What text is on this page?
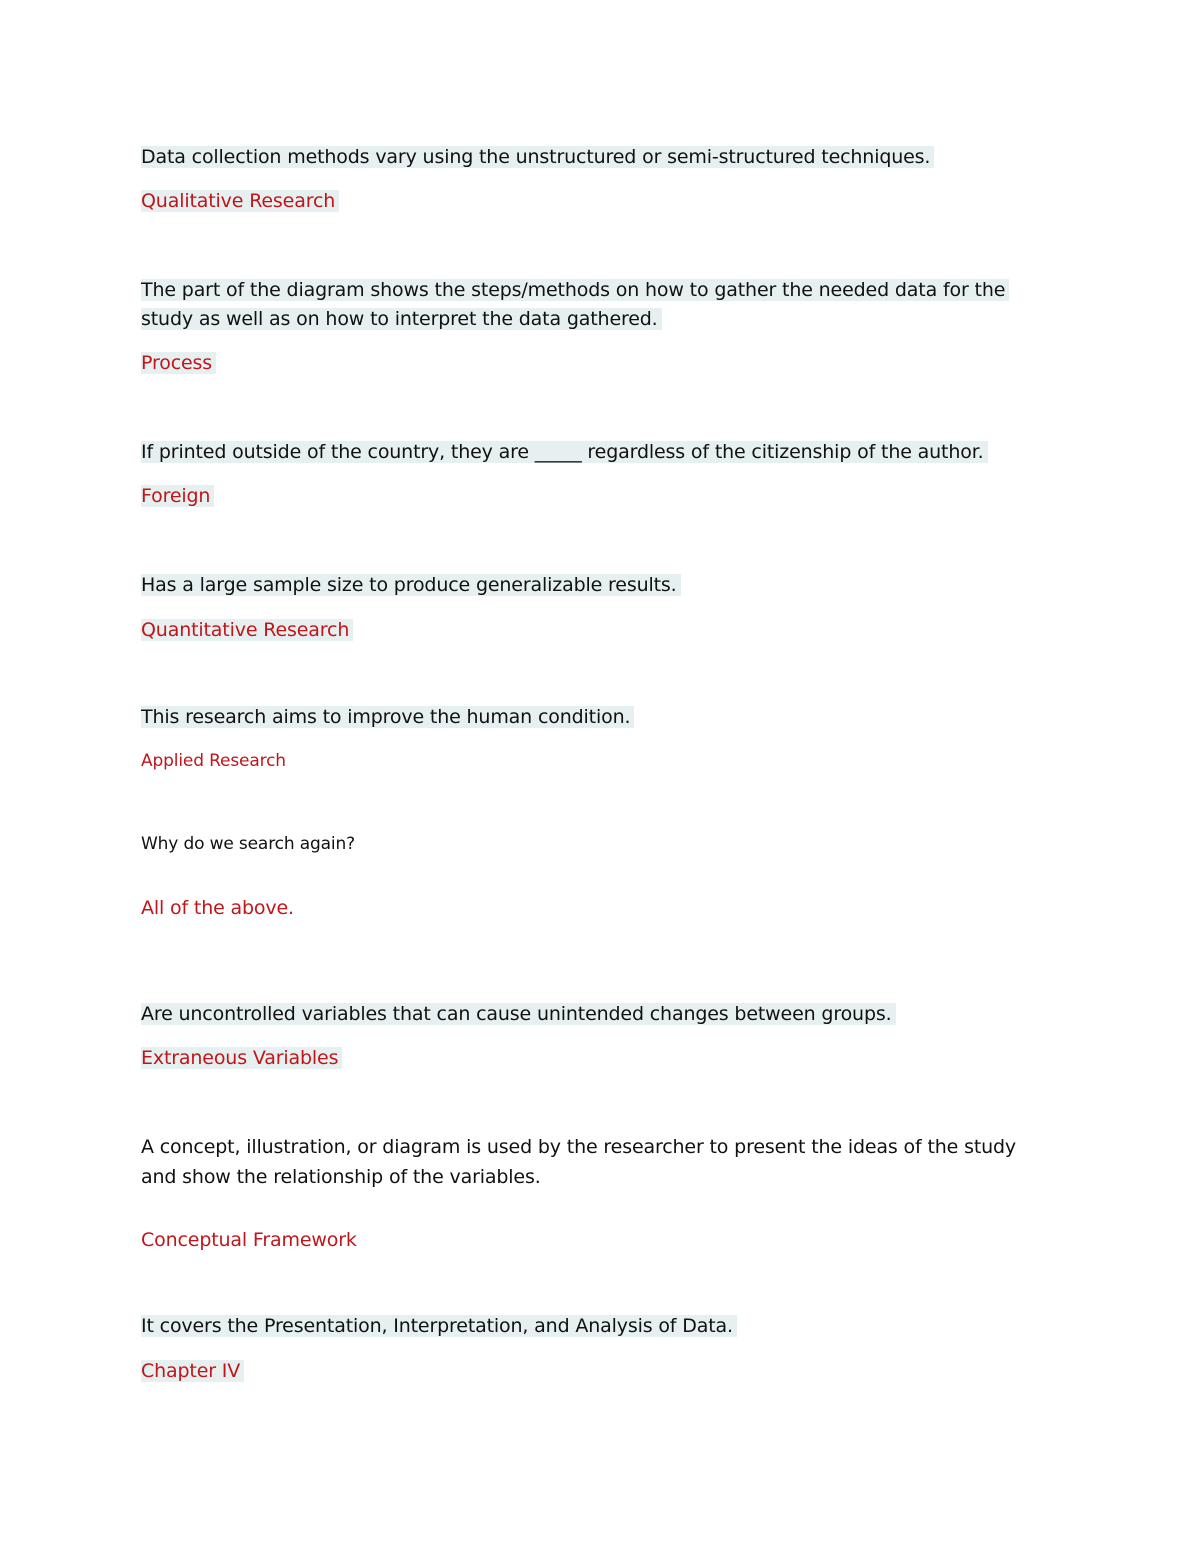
Data collection methods vary using the unstructured or semi-structured techniques.

Qualitative Research

The part of the diagram shows the steps/methods on how to gather the needed data for the

study as well as on how to interpret the data gathered.

Process

If printed outside of the country, they are _____ regardless of the citizenship of the author.

Foreign

Has a large sample size to produce generalizable results.

Quantitative Research

This research aims to improve the human condition.

Applied Research

Why do we search again?

All of the above.

Are uncontrolled variables that can cause unintended changes between groups.

Extraneous Variables

A concept, illustration, or diagram is used by the researcher to present the ideas of the study

and show the relationship of the variables.

Conceptual Framework

It covers the Presentation, Interpretation, and Analysis of Data.

Chapter IV
